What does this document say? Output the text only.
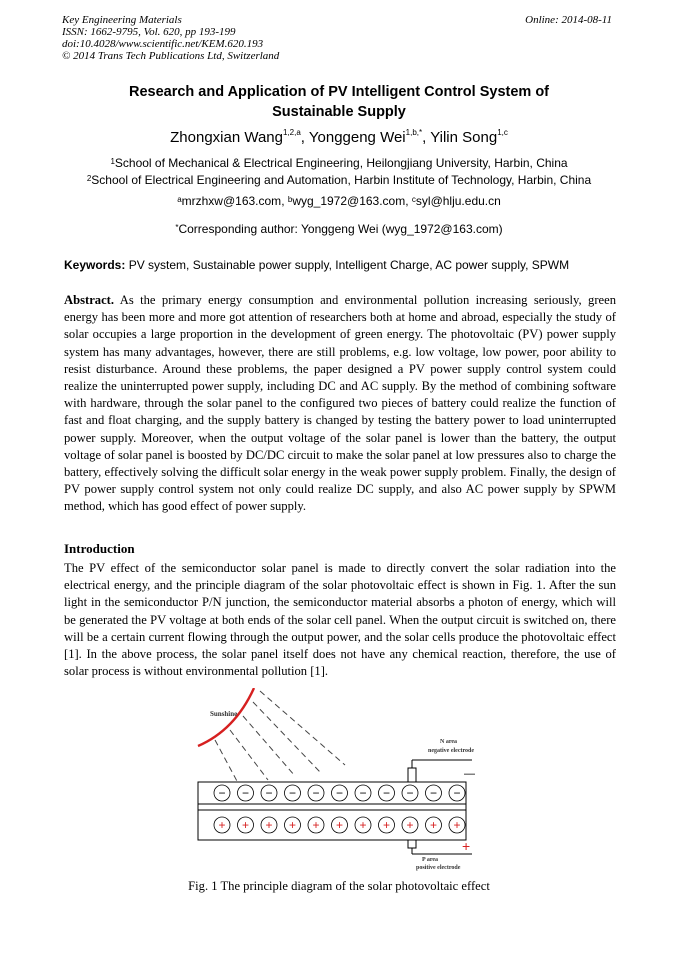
Key Engineering Materials
ISSN: 1662-9795, Vol. 620, pp 193-199
doi:10.4028/www.scientific.net/KEM.620.193
© 2014 Trans Tech Publications Ltd, Switzerland
Online: 2014-08-11
Research and Application of PV Intelligent Control System of
Sustainable Supply
Zhongxian Wang$^{1,2,a}$, Yonggeng Wei$^{1,b,*}$, Yilin Song$^{1,c}$
$^1$School of Mechanical & Electrical Engineering, Heilongjiang University, Harbin, China
$^2$School of Electrical Engineering and Automation, Harbin Institute of Technology, Harbin, China
$^a$mrzhxw@163.com, $^b$wyg_1972@163.com, $^c$syl@hlju.edu.cn
*Corresponding author: Yonggeng Wei (wyg_1972@163.com)
Keywords: PV system, Sustainable power supply, Intelligent Charge, AC power supply, SPWM
Abstract. As the primary energy consumption and environmental pollution increasing seriously, green energy has been more and more got attention of researchers both at home and abroad, especially the study of solar occupies a large proportion in the development of green energy. The photovoltaic (PV) power supply system has many advantages, however, there are still problems, e.g. low voltage, low power, poor ability to resist disturbance. Around these problems, the paper designed a PV power supply control system could realize the uninterrupted power supply, including DC and AC supply. By the method of combining software with hardware, through the solar panel to the configured two pieces of battery could realize the function of fast and float charging, and the supply battery is changed by testing the battery power to load uninterrupted power supply. Moreover, when the output voltage of the solar panel is lower than the battery, the output voltage of solar panel is boosted by DC/DC circuit to make the solar panel at low pressures also to charge the battery, effectively solving the difficult solar energy in the weak power supply problem. Finally, the design of PV power supply control system not only could realize DC supply, and also AC power supply by SPWM method, which has good effect of power supply.
Introduction
The PV effect of the semiconductor solar panel is made to directly convert the solar radiation into the electrical energy, and the principle diagram of the solar photovoltaic effect is shown in Fig. 1. After the sun light in the semiconductor P/N junction, the semiconductor material absorbs a photon of energy, which will be generated the PV voltage at both ends of the solar cell panel. When the output circuit is switched on, there will be a certain current flowing through the output power, and the solar cells produce the photovoltaic effect [1]. In the above process, the solar panel itself does not have any chemical reaction, therefore, the use of solar process is without environmental pollution [1].
Sunshine
N area
negative electrode
—
− − − − − − − − − − −
+ + + + + + + + + + +
+
P area
positive electrode
Fig. 1 The principle diagram of the solar photovoltaic effect
